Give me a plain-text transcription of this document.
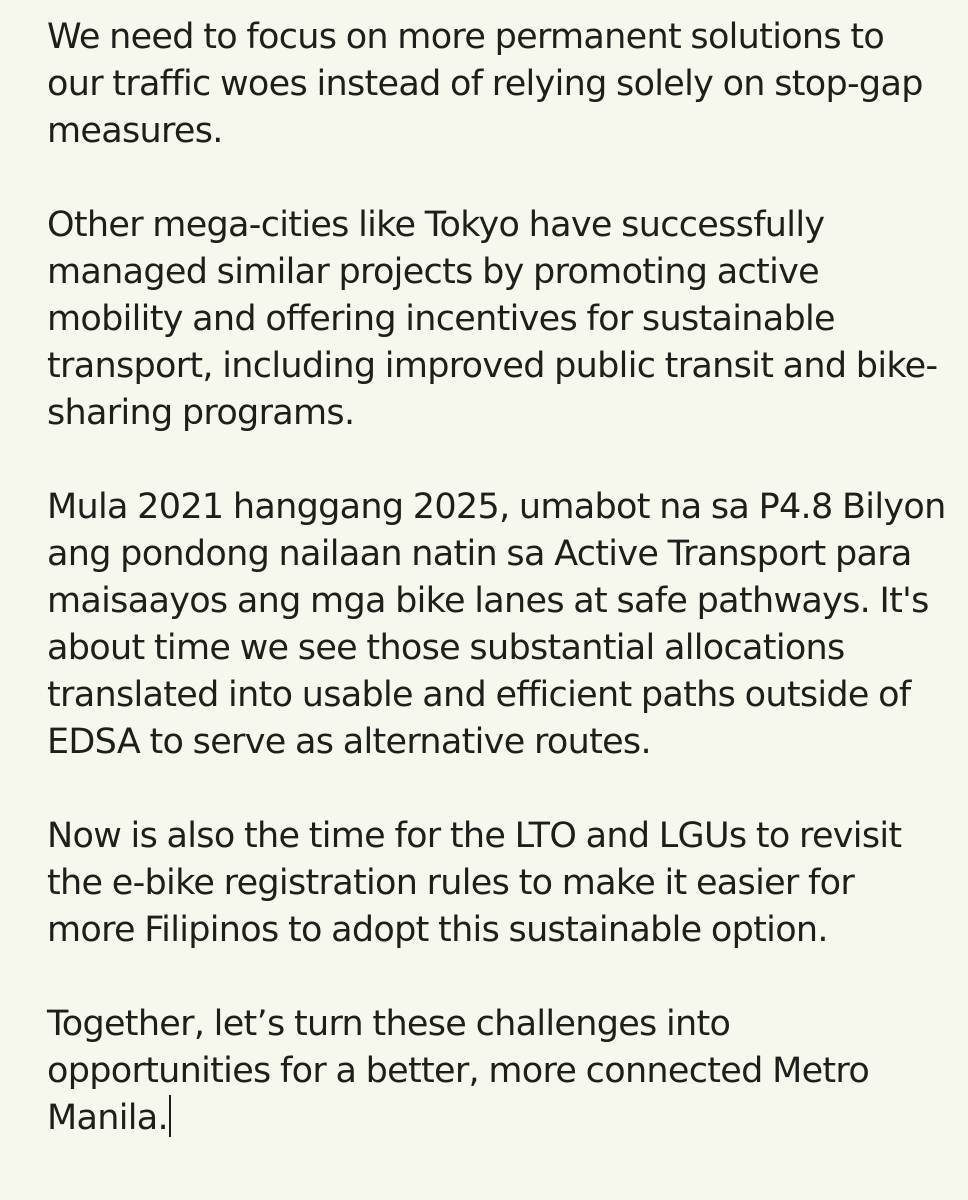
We need to focus on more permanent solutions to our traffic woes instead of relying solely on stop-gap measures.

Other mega-cities like Tokyo have successfully managed similar projects by promoting active mobility and offering incentives for sustainable transport, including improved public transit and bike-sharing programs.

Mula 2021 hanggang 2025, umabot na sa P4.8 Bilyon ang pondong nailaan natin sa Active Transport para maisaayos ang mga bike lanes at safe pathways. It's about time we see those substantial allocations translated into usable and efficient paths outside of EDSA to serve as alternative routes.

Now is also the time for the LTO and LGUs to revisit the e-bike registration rules to make it easier for more Filipinos to adopt this sustainable option.

Together, let’s turn these challenges into opportunities for a better, more connected Metro Manila.
